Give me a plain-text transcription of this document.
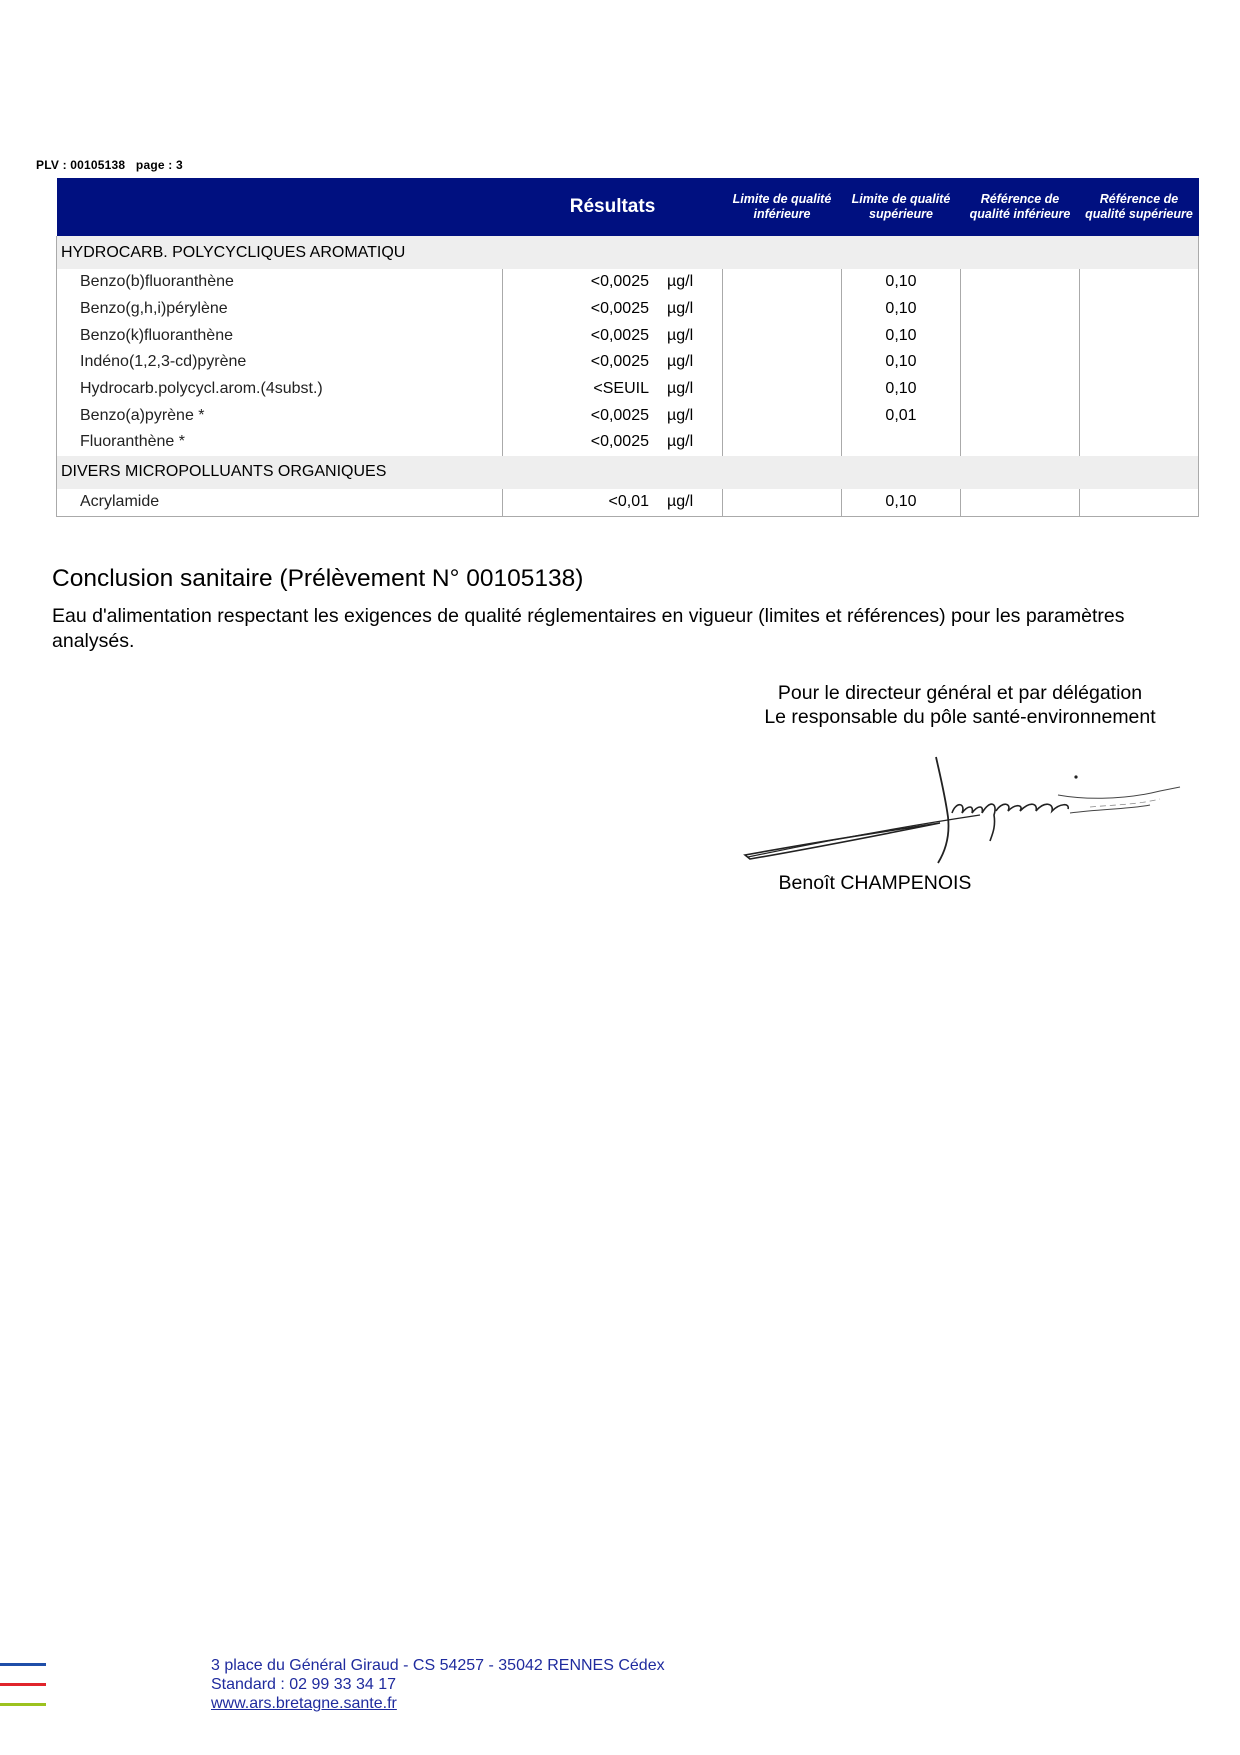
PLV : 00105138 page : 3
	Résultats	Limite de qualité inférieure	Limite de qualité supérieure	Référence de qualité inférieure	Référence de qualité supérieure
HYDROCARB. POLYCYCLIQUES AROMATIQU					
Benzo(b)fluoranthène	<0,0025 µg/l		0,10		
Benzo(g,h,i)pérylène	<0,0025 µg/l		0,10		
Benzo(k)fluoranthène	<0,0025 µg/l		0,10		
Indéno(1,2,3-cd)pyrène	<0,0025 µg/l		0,10		
Hydrocarb.polycycl.arom.(4subst.)	<SEUIL µg/l		0,10		
Benzo(a)pyrène *	<0,0025 µg/l		0,01		
Fluoranthène *	<0,0025 µg/l				
DIVERS MICROPOLLUANTS ORGANIQUES					
Acrylamide	<0,01 µg/l		0,10		
Conclusion sanitaire (Prélèvement N° 00105138)
Eau d'alimentation respectant les exigences de qualité réglementaires en vigueur (limites et références) pour les paramètres analysés.
Pour le directeur général et par délégation
Le responsable du pôle santé-environnement
Benoît CHAMPENOIS
3 place du Général Giraud - CS 54257 - 35042 RENNES Cédex
Standard : 02 99 33 34 17
www.ars.bretagne.sante.fr
